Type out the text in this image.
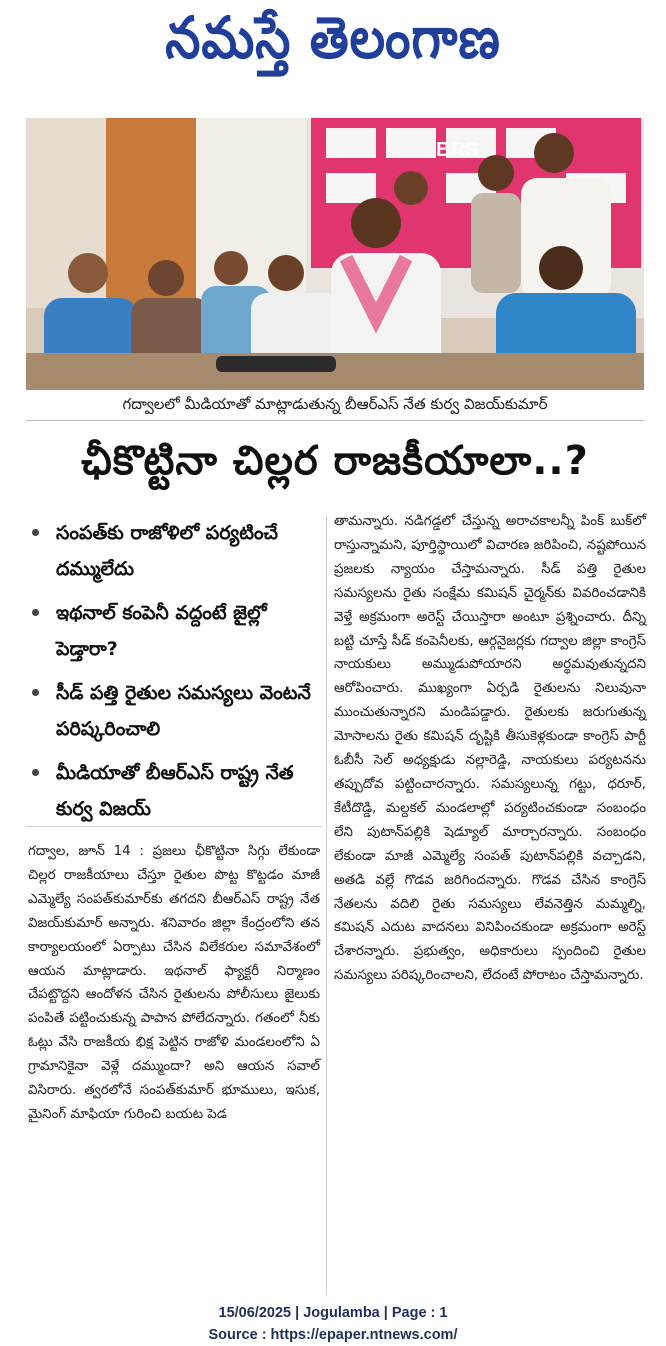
నమస్తే తెలంగాణ
BRS
గద్వాలలో మీడియాతో మాట్లాడుతున్న బీఆర్‌ఎస్ నేత కుర్వ విజయ్‌కుమార్
ఛీకొట్టినా చిల్లర రాజకీయాలా..?
సంపత్‌కు రాజోళిలో పర్యటించే దమ్ములేదు
ఇథనాల్ కంపెనీ వద్దంటే జైల్లో పెడ్తారా?
సీడ్ పత్తి రైతుల సమస్యలు వెంటనే పరిష్కరించాలి
మీడియాతో బీఆర్‌ఎస్ రాష్ట్ర నేత కుర్వ విజయ్
గద్వాల, జూన్ 14 : ప్రజలు ఛీకొట్టినా సిగ్గు లేకుండా చిల్లర రాజకీయాలు చేస్తూ రైతుల పొట్ట కొట్టడం మాజీ ఎమ్మెల్యే సంపత్‌కుమార్‌కు తగదని బీఆర్‌ఎస్ రాష్ట్ర నేత విజయ్‌కుమార్ అన్నారు. శనివారం జిల్లా కేంద్రంలోని తన కార్యాలయంలో ఏర్పాటు చేసిన విలేకరుల సమావేశంలో ఆయన మాట్లాడారు. ఇథనాల్ ఫ్యాక్టరీ నిర్మాణం చేపట్టొద్దని ఆందోళన చేసిన రైతులను పోలీసులు జైలుకు పంపితే పట్టించుకున్న పాపాన పోలేదన్నారు. గతంలో నీకు ఓట్లు వేసి రాజకీయ భిక్ష పెట్టిన రాజోళి మండలంలోని ఏ గ్రామానికైనా వెళ్లే దమ్ముందా? అని ఆయన సవాల్ విసిరారు. త్వరలోనే సంపత్‌కుమార్ భూములు, ఇసుక, మైనింగ్ మాఫియా గురించి బయట పెడ
తామన్నారు. నడిగడ్డలో చేస్తున్న అరాచకాలన్నీ పింక్ బుక్‌లో రాస్తున్నామని, పూర్తిస్థాయిలో విచారణ జరిపించి, నష్టపోయిన ప్రజలకు న్యాయం చేస్తామన్నారు. సీడ్ పత్తి రైతుల సమస్యలను రైతు సంక్షేమ కమిషన్ చైర్మన్‌కు వివరించడానికి వెళ్తే అక్రమంగా అరెస్ట్ చేయిస్తారా అంటూ ప్రశ్నించారు. దీన్ని బట్టి చూస్తే సీడ్ కంపెనీలకు, ఆర్గనైజర్లకు గద్వాల జిల్లా కాంగ్రెస్ నాయకులు అమ్ముడుపోయారని అర్థమవుతున్నదని ఆరోపించారు. ముఖ్యంగా ఏర్పడి రైతులను నిలువునా ముంచుతున్నారని మండిపడ్డారు. రైతులకు జరుగుతున్న మోసాలను రైతు కమిషన్ దృష్టికి తీసుకెళ్లకుండా కాంగ్రెస్ పార్టీ ఓబీసీ సెల్ అధ్యక్షుడు నల్లారెడ్డి, నాయకులు పర్యటనను తప్పుదోవ పట్టించారన్నారు. సమస్యలున్న గట్టు, ధరూర్, కేటీదొడ్డి, మల్దకల్ మండలాల్లో పర్యటించకుండా సంబంధం లేని పుటాన్‌పల్లికి షెడ్యూల్ మార్చారన్నారు. సంబంధం లేకుండా మాజీ ఎమ్మెల్యే సంపత్ పుటాన్‌పల్లికి వచ్చాడని, అతడి వల్లే గొడవ జరిగిందన్నారు. గొడవ చేసిన కాంగ్రెస్ నేతలను వదిలి రైతు సమస్యలు లేవనెత్తిన మమ్మల్ని, కమిషన్ ఎదుట వాదనలు వినిపించకుండా అక్రమంగా అరెస్ట్ చేశారన్నారు. ప్రభుత్వం, అధికారులు స్పందించి రైతుల సమస్యలు పరిష్కరించాలని, లేదంటే పోరాటం చేస్తామన్నారు.
15/06/2025 | Jogulamba | Page : 1
Source : https://epaper.ntnews.com/
